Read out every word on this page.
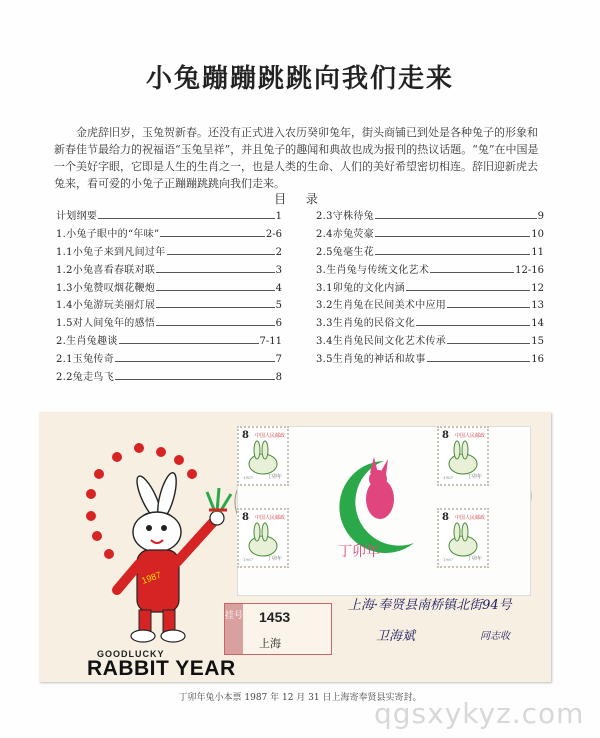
小兔蹦蹦跳跳向我们走来
金虎辞旧岁，玉兔贺新春。还没有正式进入农历癸卯兔年，街头商铺已到处是各种兔子的形象和新春佳节最给力的祝福语“玉兔呈祥”，并且兔子的趣闻和典故也成为报刊的热议话题。“兔”在中国是一个美好字眼，它即是人生的生肖之一，也是人类的生命、人们的美好希望密切相连。辞旧迎新虎去兔来，看可爱的小兔子正蹦蹦跳跳向我们走来。
目 录
计划纲要	1
1.小兔子眼中的“年味”	2-6
1.1小兔子来到凡间过年	2
1.2小兔喜看春联对联	3
1.3小兔赞叹烟花鞭炮	4
1.4小兔游玩美丽灯展	5
1.5对人间兔年的感悟	6
2.生肖兔趣谈	7-11
2.1玉兔传奇	7
2.2兔走鸟飞	8
2.3守株待兔	9
2.4赤兔荧豪	10
2.5兔毫生花	11
3.生肖兔与传统文化艺术	12-16
3.1卯兔的文化内涵	12
3.2生肖兔在民间美术中应用	13
3.3生肖兔的民俗文化	14
3.4生肖兔民间文化艺术传承	15
3.5生肖兔的神话和故事	16
1987
8 中国人民邮政
1987	丁卯年
8 中国人民邮政
1987	丁卯年
8 中国人民邮政
1987	丁卯年
8 中国人民邮政
1987	丁卯年
丁卯年
挂号 1453
上海
上海·奉贤县南桥镇北街94号
卫海斌	同志收
GOODLUCKY
RABBIT YEAR
丁卯年兔小本票 1987 年 12 月 31 日上海寄奉贤县实寄封。
qgsxykyz.com
